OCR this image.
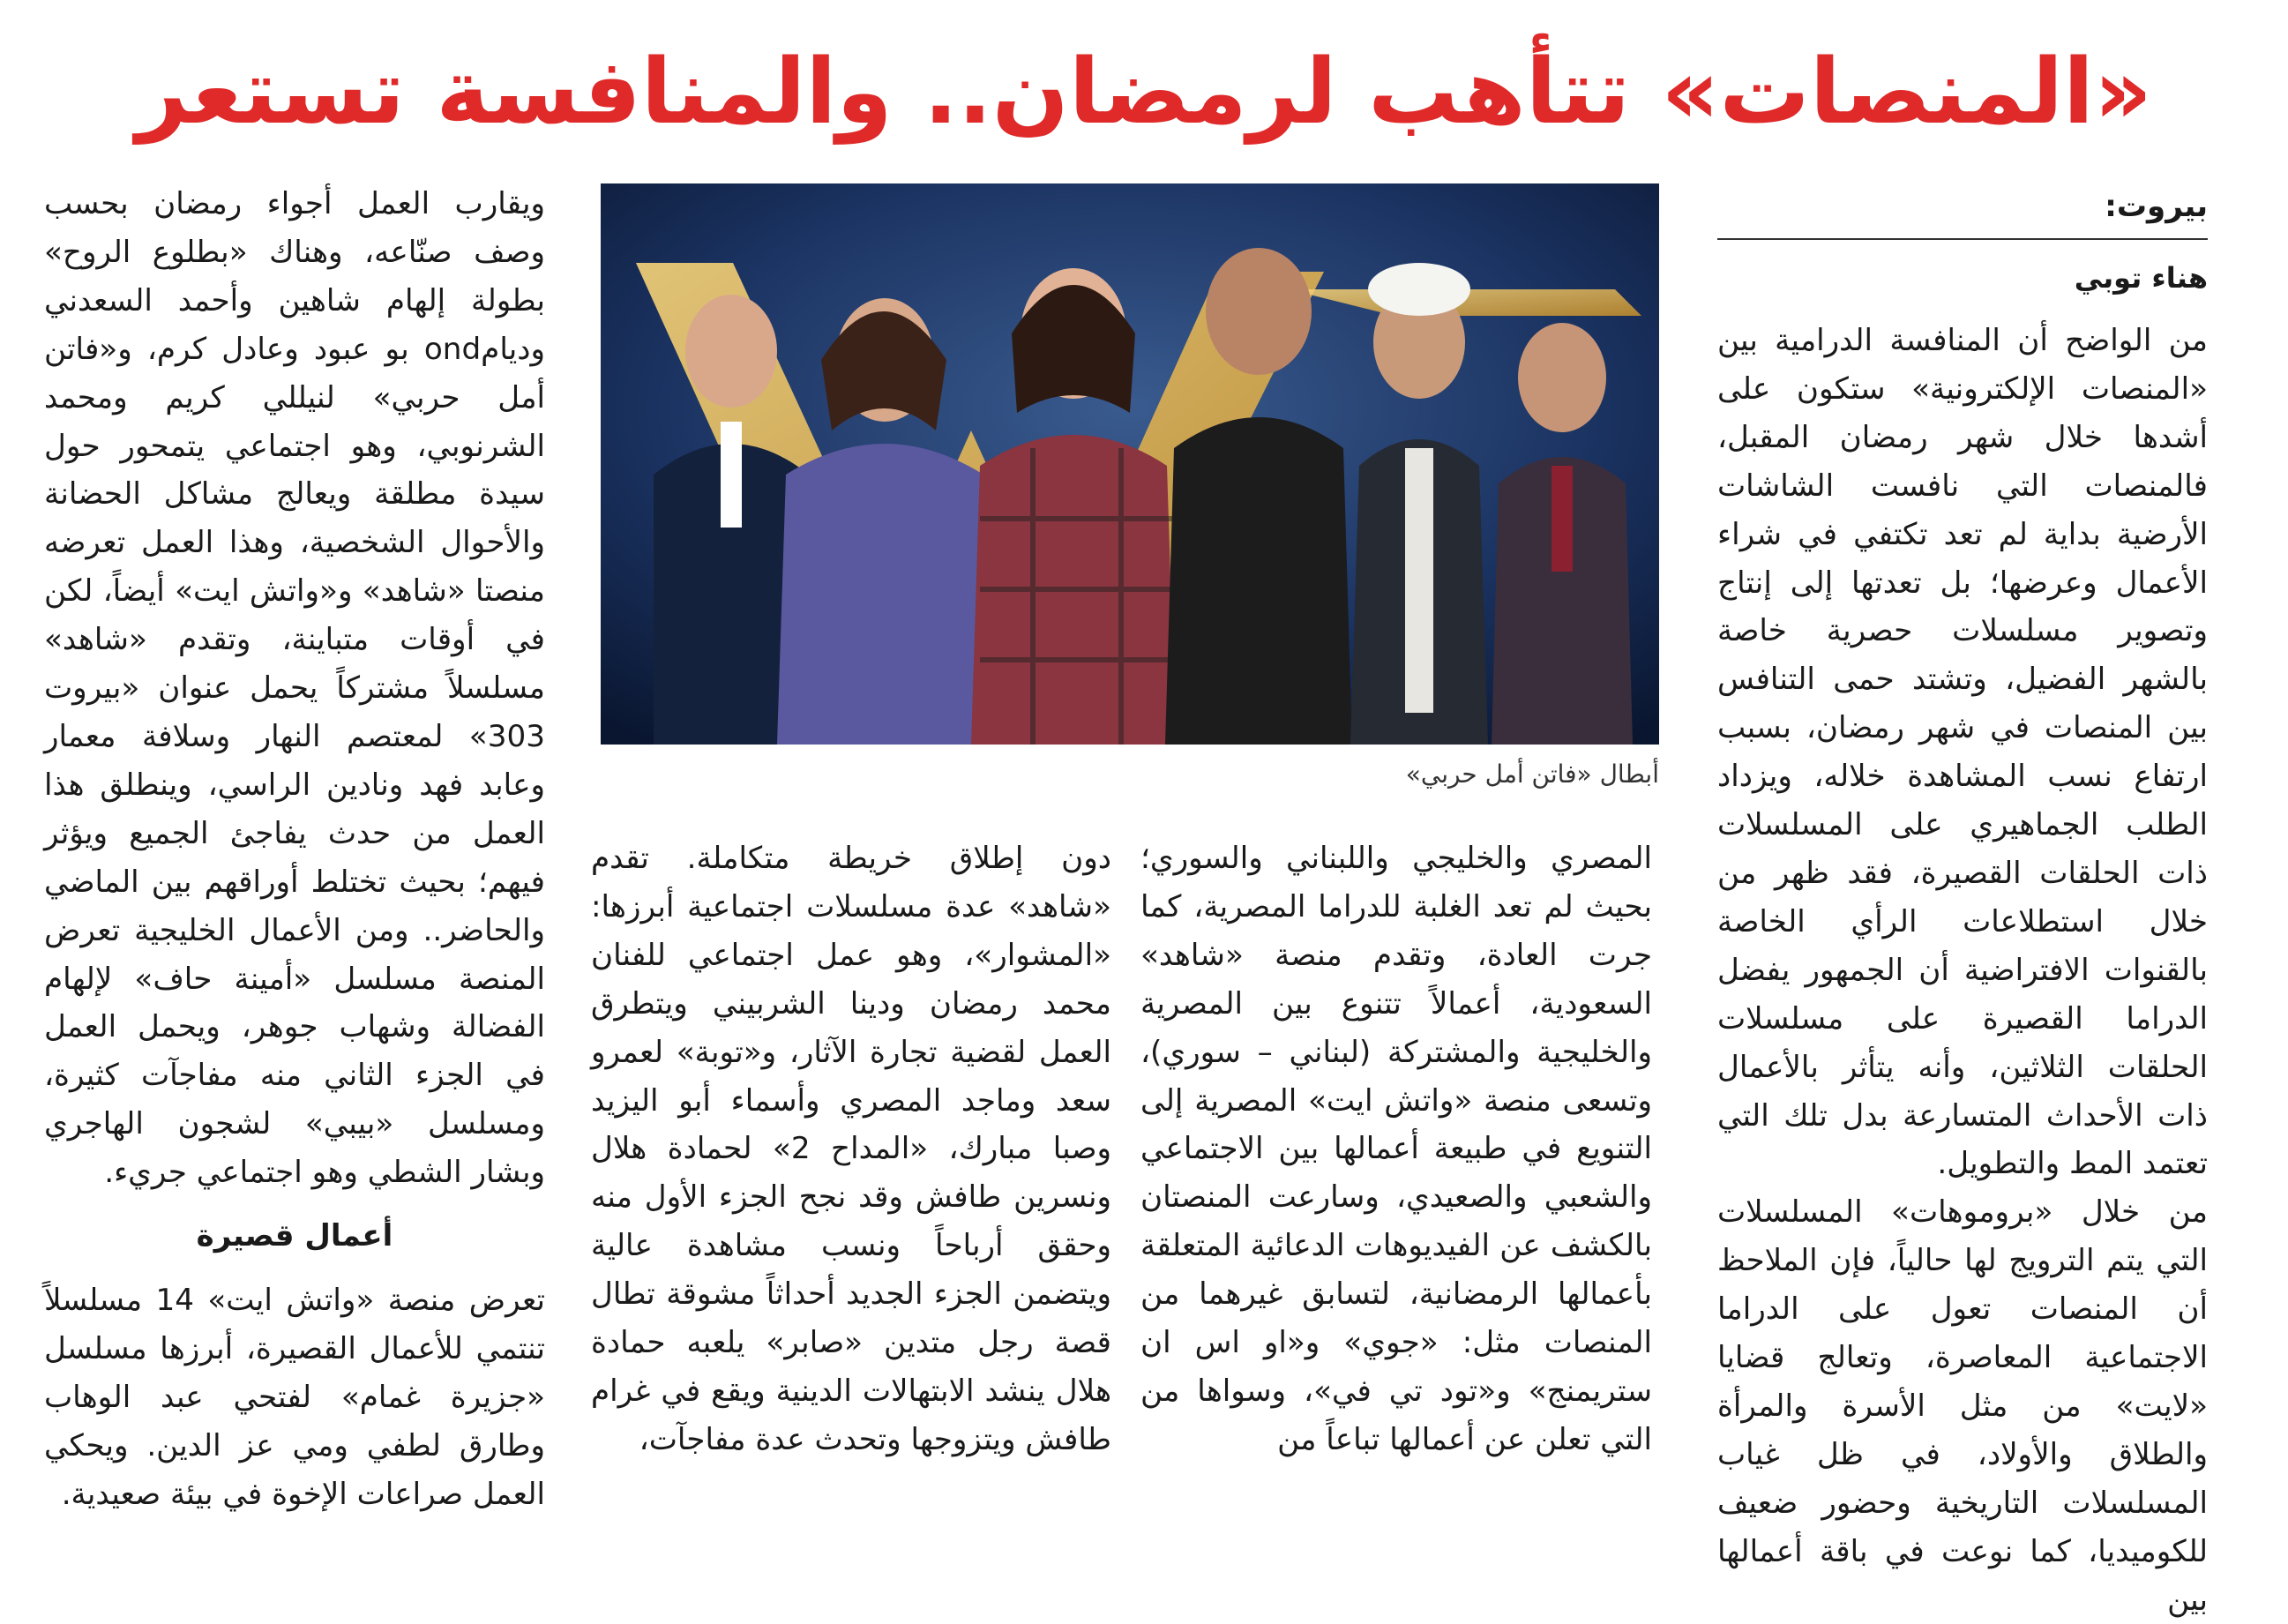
«المنصات» تتأهب لرمضان.. والمنافسة تستعر
بيروت:
هناء توبي

من الواضح أن المنافسة الدرامية بين «المنصات الإلكترونية» ستكون على أشدها خلال شهر رمضان المقبل، فالمنصات التي نافست الشاشات الأرضية بداية لم تعد تكتفي في شراء الأعمال وعرضها؛ بل تعدتها إلى إنتاج وتصوير مسلسلات حصرية خاصة بالشهر الفضيل، وتشتد حمى التنافس بين المنصات في شهر رمضان، بسبب ارتفاع نسب المشاهدة خلاله، ويزداد الطلب الجماهيري على المسلسلات ذات الحلقات القصيرة، فقد ظهر من خلال استطلاعات الرأي الخاصة بالقنوات الافتراضية أن الجمهور يفضل الدراما القصيرة على مسلسلات الحلقات الثلاثين، وأنه يتأثر بالأعمال ذات الأحداث المتسارعة بدل تلك التي تعتمد المط والتطويل.

من خلال «بروموهات» المسلسلات التي يتم الترويج لها حالياً، فإن الملاحظ أن المنصات تعول على الدراما الاجتماعية المعاصرة، وتعالج قضايا «لايت» من مثل الأسرة والمرأة والطلاق والأولاد، في ظل غياب المسلسلات التاريخية وحضور ضعيف للكوميديا، كما نوعت في باقة أعمالها بين

أبطال «فاتن أمل حربي»

المصري والخليجي واللبناني والسوري؛ بحيث لم تعد الغلبة للدراما المصرية، كما جرت العادة، وتقدم منصة «شاهد» السعودية، أعمالاً تتنوع بين المصرية والخليجية والمشتركة (لبناني – سوري)، وتسعى منصة «واتش ايت» المصرية إلى التنويع في طبيعة أعمالها بين الاجتماعي والشعبي والصعيدي، وسارعت المنصتان بالكشف عن الفيديوهات الدعائية المتعلقة بأعمالها الرمضانية، لتسابق غيرهما من المنصات مثل: «جوي» و«او اس ان ستريمنج» و«تود تي في»، وسواها من التي تعلن عن أعمالها تباعاً من

دون إطلاق خريطة متكاملة. تقدم «شاهد» عدة مسلسلات اجتماعية أبرزها: «المشوار»، وهو عمل اجتماعي للفنان محمد رمضان ودينا الشربيني ويتطرق العمل لقضية تجارة الآثار، و«توبة» لعمرو سعد وماجد المصري وأسماء أبو اليزيد وصبا مبارك، «المداح 2» لحمادة هلال ونسرين طافش وقد نجح الجزء الأول منه وحقق أرباحاً ونسب مشاهدة عالية ويتضمن الجزء الجديد أحداثاً مشوقة تطال قصة رجل متدين «صابر» يلعبه حمادة هلال ينشد الابتهالات الدينية ويقع في غرام طافش ويتزوجها وتحدث عدة مفاجآت،

ويقارب العمل أجواء رمضان بحسب وصف صنّاعه، وهناك «بطلوع الروح» بطولة إلهام شاهين وأحمد السعدني وديامond بو عبود وعادل كرم، و«فاتن أمل حربي» لنيللي كريم ومحمد الشرنوبي، وهو اجتماعي يتمحور حول سيدة مطلقة ويعالج مشاكل الحضانة والأحوال الشخصية، وهذا العمل تعرضه منصتا «شاهد» و«واتش ايت» أيضاً، لكن في أوقات متباينة، وتقدم «شاهد» مسلسلاً مشتركاً يحمل عنوان «بيروت 303» لمعتصم النهار وسلافة معمار وعابد فهد ونادين الراسي، وينطلق هذا العمل من حدث يفاجئ الجميع ويؤثر فيهم؛ بحيث تختلط أوراقهم بين الماضي والحاضر.. ومن الأعمال الخليجية تعرض المنصة مسلسل «أمينة حاف» لإلهام الفضالة وشهاب جوهر، ويحمل العمل في الجزء الثاني منه مفاجآت كثيرة، ومسلسل «بيبي» لشجون الهاجري وبشار الشطي وهو اجتماعي جريء.

أعمال قصيرة

تعرض منصة «واتش ايت» 14 مسلسلاً تنتمي للأعمال القصيرة، أبرزها مسلسل «جزيرة غمام» لفتحي عبد الوهاب وطارق لطفي ومي عز الدين. ويحكي العمل صراعات الإخوة في بيئة صعيدية.
